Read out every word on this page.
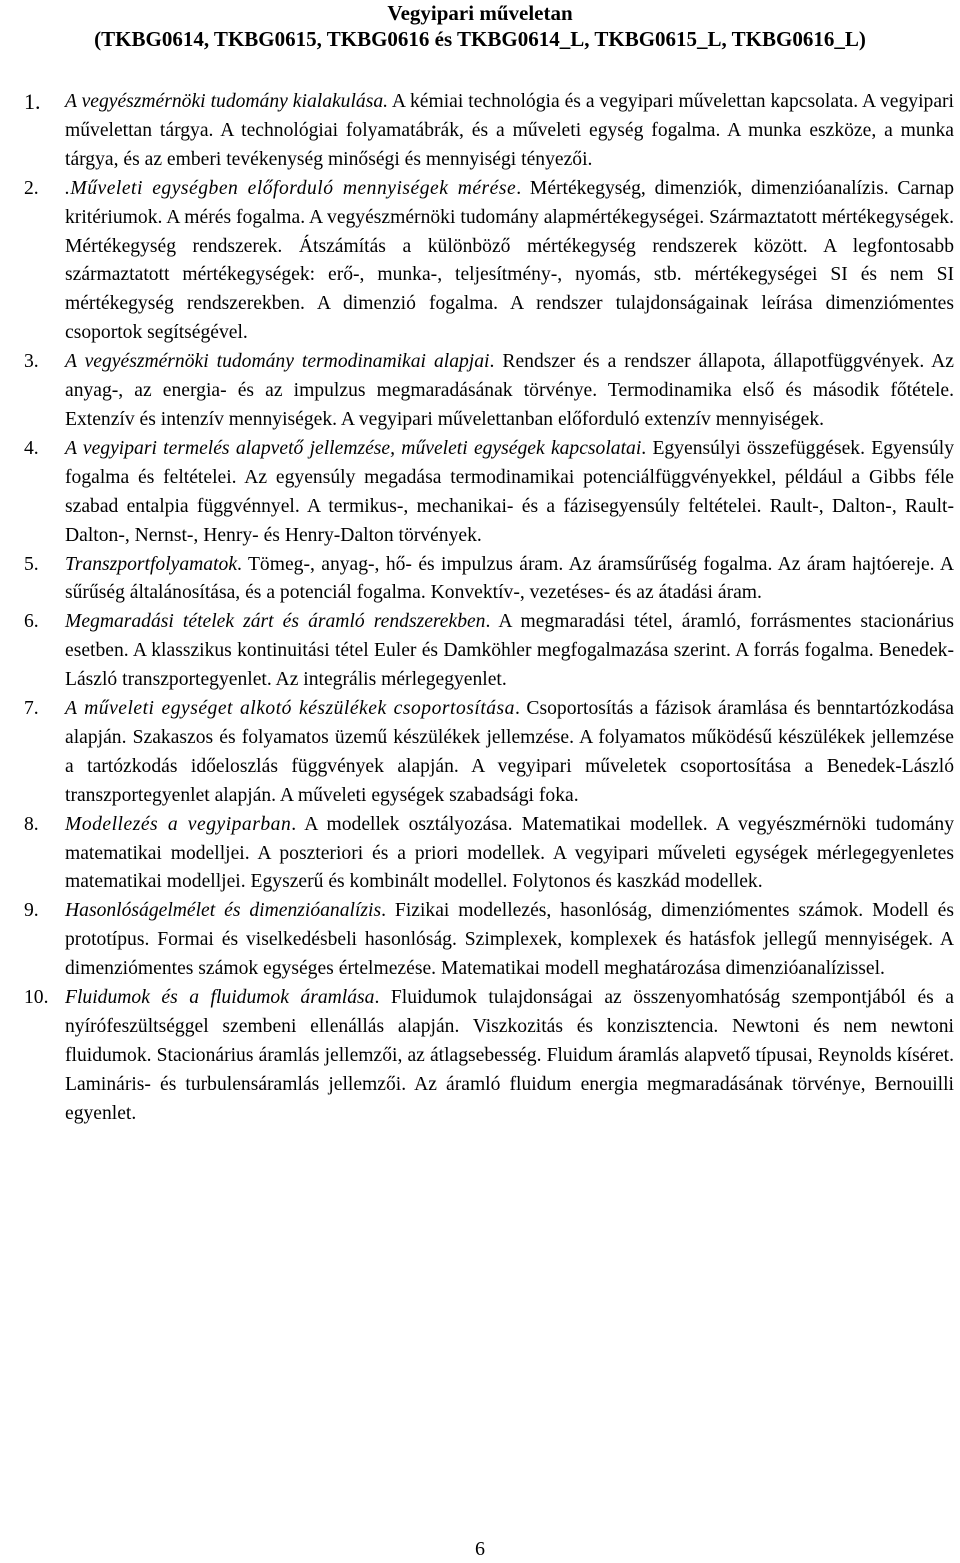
Vegyipari műveletan
(TKBG0614, TKBG0615, TKBG0616 és TKBG0614_L, TKBG0615_L, TKBG0616_L)
1. A vegyészmérnöki tudomány kialakulása. A kémiai technológia és a vegyipari művelettan kapcsolata. A vegyipari művelettan tárgya. A technológiai folyamatábrák, és a műveleti egység fogalma. A munka eszköze, a munka tárgya, és az emberi tevékenység minőségi és mennyiségi tényezői.
2. .Műveleti egységben előforduló mennyiségek mérése. Mértékegység, dimenziók, dimenzióanalízis. Carnap kritériumok. A mérés fogalma. A vegyészmérnöki tudomány alapmértékegységei. Származtatott mértékegységek. Mértékegység rendszerek. Átszámítás a különböző mértékegység rendszerek között. A legfontosabb származtatott mértékegységek: erő-, munka-, teljesítmény-, nyomás, stb. mértékegységei SI és nem SI mértékegység rendszerekben. A dimenzió fogalma. A rendszer tulajdonságainak leírása dimenziómentes csoportok segítségével.
3. A vegyészmérnöki tudomány termodinamikai alapjai. Rendszer és a rendszer állapota, állapotfüggvények. Az anyag-, az energia- és az impulzus megmaradásának törvénye. Termodinamika első és második főtétele. Extenzív és intenzív mennyiségek. A vegyipari művelettanban előforduló extenzív mennyiségek.
4. A vegyipari termelés alapvető jellemzése, műveleti egységek kapcsolatai. Egyensúlyi összefüggések. Egyensúly fogalma és feltételei. Az egyensúly megadása termodinamikai potenciálfüggvényekkel, például a Gibbs féle szabad entalpia függvénnyel. A termikus-, mechanikai- és a fázisegyensúly feltételei. Rault-, Dalton-, Rault-Dalton-, Nernst-, Henry- és Henry-Dalton törvények.
5. Transzportfolyamatok. Tömeg-, anyag-, hő- és impulzus áram. Az áramsűrűség fogalma. Az áram hajtóereje. A sűrűség általánosítása, és a potenciál fogalma. Konvektív-, vezetéses- és az átadási áram.
6. Megmaradási tételek zárt és áramló rendszerekben. A megmaradási tétel, áramló, forrásmentes stacionárius esetben. A klasszikus kontinuitási tétel Euler és Damköhler megfogalmazása szerint. A forrás fogalma. Benedek-László transzportegyenlet. Az integrális mérlegegyenlet.
7. A műveleti egységet alkotó készülékek csoportosítása. Csoportosítás a fázisok áramlása és benntartózkodása alapján. Szakaszos és folyamatos üzemű készülékek jellemzése. A folyamatos működésű készülékek jellemzése a tartózkodás időeloszlás függvények alapján. A vegyipari műveletek csoportosítása a Benedek-László transzportegyenlet alapján. A műveleti egységek szabadsági foka.
8. Modellezés a vegyiparban. A modellek osztályozása. Matematikai modellek. A vegyészmérnöki tudomány matematikai modelljei. A poszteriori és a priori modellek. A vegyipari műveleti egységek mérlegegyenletes matematikai modelljei. Egyszerű és kombinált modellel. Folytonos és kaszkád modellek.
9. Hasonlóságelmélet és dimenzióanalízis. Fizikai modellezés, hasonlóság, dimenziómentes számok. Modell és prototípus. Formai és viselkedésbeli hasonlóság. Szimplexek, komplexek és hatásfok jellegű mennyiségek. A dimenziómentes számok egységes értelmezése. Matematikai modell meghatározása dimenzióanalízissel.
10. Fluidumok és a fluidumok áramlása. Fluidumok tulajdonságai az összenyomhatóság szempontjából és a nyírófeszültséggel szembeni ellenállás alapján. Viszkozitás és konzisztencia. Newtoni és nem newtoni fluidumok. Stacionárius áramlás jellemzői, az átlagsebesség. Fluidum áramlás alapvető típusai, Reynolds kíséret. Lamináris- és turbulensáramlás jellemzői. Az áramló fluidum energia megmaradásának törvénye, Bernouilli egyenlet.
6
